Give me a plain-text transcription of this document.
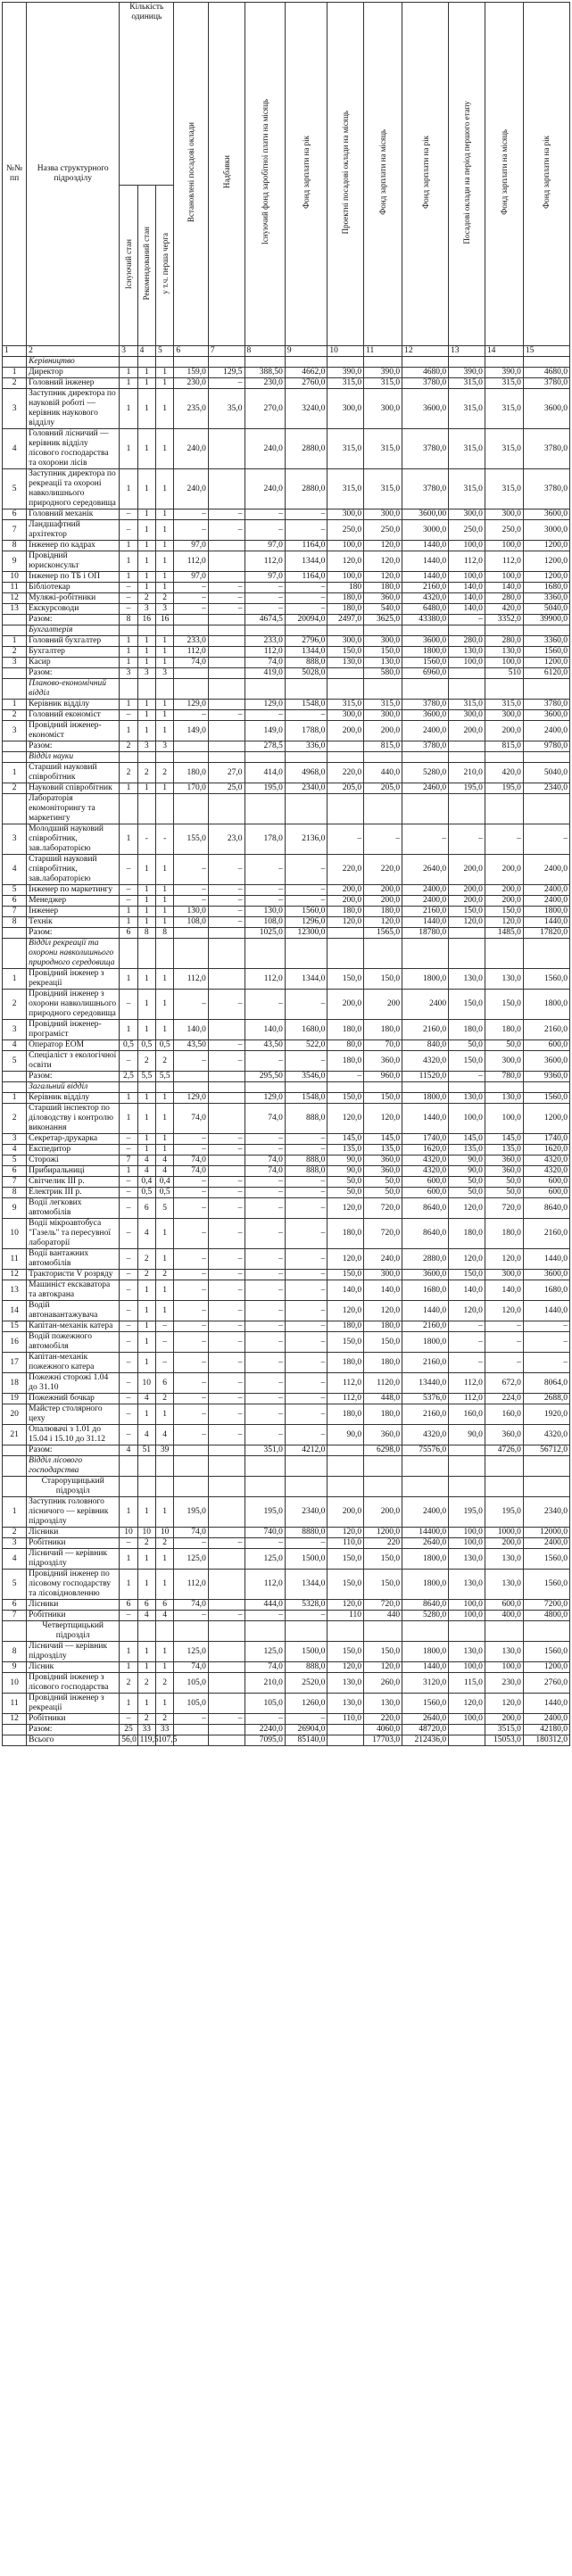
№№ пп	Назва структурного підрозділу	Кількість одиниць			Встановлені посадові оклади	Надбавки	Існуючий фонд заробітної плати на місяць	Фонд зарплати на рік	Проектні посадові оклади на місяць	Фонд зарплати на місяць	Фонд зарплати на рік	Посадові оклади на період першого етапу	Фонд зарплати на місяць	Фонд зарплати на рік
		Існуючий стан	Рекомендований стан	у т.ч. перша черга										
1	2	3	4	5	6	7	8	9	10	11	12	13	14	15
	Керівництво													
1	Директор	1	1	1	159,0	129,5	388,50	4662,0	390,0	390,0	4680,0	390,0	390,0	4680,0
2	Головний інженер	1	1	1	230,0	–	230,0	2760,0	315,0	315,0	3780,0	315,0	315,0	3780,0
3	Заступник директора по науковій роботі — керівник наукового відділу	1	1	1	235,0	35,0	270,0	3240,0	300,0	300,0	3600,0	315,0	315,0	3600,0
4	Головний лісничий — керівник відділу лісового господарства та охорони лісів	1	1	1	240,0		240,0	2880,0	315,0	315,0	3780,0	315,0	315,0	3780,0
5	Заступник директора по рекреації та охороні навколишнього природного середовища	1	1	1	240,0		240,0	2880,0	315,0	315,0	3780,0	315,0	315,0	3780,0
6	Головний механік	–	1	1	–	–	–	–	300,0	300,0	3600,00	300,0	300,0	3600,0
7	Ландшафтний архітектор	–	1	1	–	–	–	–	250,0	250,0	3000,0	250,0	250,0	3000,0
8	Інженер по кадрах	1	1	1	97,0		97,0	1164,0	100,0	120,0	1440,0	100,0	100,0	1200,0
9	Провідний юрисконсульт	1	1	1	112,0		112,0	1344,0	120,0	120,0	1440,0	112,0	112,0	1200,0
10	Інженер по ТБ і ОП	1	1	1	97,0		97,0	1164,0	100,0	120,0	1440,0	100,0	100,0	1200,0
11	Бібліотекар	–	1	1	–	–	–	–	180	180,0	2160,0	140,0	140,0	1680,0
12	Муляжі-робітники	–	2	2	–	–	–	–	180,0	360,0	4320,0	140,0	280,0	3360,0
13	Екскурсоводи	–	3	3	–	–	–	–	180,0	540,0	6480,0	140,0	420,0	5040,0
	Разом:	8	16	16			4674,5	20094,0	2497,0	3625,0	43380,0	–	3352,0	39900,0
	Бухгалтерія													
1	Головний бухгалтер	1	1	1	233,0		233,0	2796,0	300,0	300,0	3600,0	280,0	280,0	3360,0
2	Бухгалтер	1	1	1	112,0		112,0	1344,0	150,0	150,0	1800,0	130,0	130,0	1560,0
3	Касир	1	1	1	74,0		74,0	888,0	130,0	130,0	1560,0	100,0	100,0	1200,0
	Разом:	3	3	3			419,0	5028,0		580,0	6960,0		510	6120,0
	Планово-економічний відділ													
1	Керівник відділу	1	1	1	129,0		129,0	1548,0	315,0	315,0	3780,0	315,0	315,0	3780,0
2	Головний економіст	–	1	1	–	–	–	–	300,0	300,0	3600,0	300,0	300,0	3600,0
3	Провідний інженер-економіст	1	1	1	149,0		149,0	1788,0	200,0	200,0	2400,0	200,0	200,0	2400,0
	Разом:	2	3	3			278,5	336,0		815,0	3780,0		815,0	9780,0
	Відділ науки													
1	Старший науковий співробітник	2	2	2	180,0	27,0	414,0	4968,0	220,0	440,0	5280,0	210,0	420,0	5040,0
2	Науковий співробітник	1	1	1	170,0	25,0	195,0	2340,0	205,0	205,0	2460,0	195,0	195,0	2340,0
	Лабораторія екомоніторингу та маркетингу													
3	Молодший науковий співробітник, зав.лабораторією	1	-	-	155,0	23,0	178,0	2136,0	–	–	–	–	–	–
4	Старший науковий співробітник, зав.лабораторією	–	1	1	–	–	–	–	220,0	220,0	2640,0	200,0	200,0	2400,0
5	Інженер по маркетингу	–	1	1	–	–	–	–	200,0	200,0	2400,0	200,0	200,0	2400,0
6	Менеджер	–	1	1	–	–	–	–	200,0	200,0	2400,0	200,0	200,0	2400,0
7	Інженер	1	1	1	130,0	–	130,0	1560,0	180,0	180,0	2160,0	150,0	150,0	1800,0
8	Технік	1	1	1	108,0	–	108,0	1296,0	120,0	120,0	1440,0	120,0	120,0	1440,0
	Разом:	6	8	8			1025,0	12300,0		1565,0	18780,0		1485,0	17820,0
	Відділ рекреації та охорони навколишнього природного середовища													
1	Провідний інженер з рекреації	1	1	1	112,0		112,0	1344,0	150,0	150,0	1800,0	130,0	130,0	1560,0
2	Провідний інженер з охорони навколишнього природного середовища	–	1	1	–	–	–	–	200,0	200	2400	150,0	150,0	1800,0
3	Провідний інженер-програміст	1	1	1	140,0		140,0	1680,0	180,0	180,0	2160,0	180,0	180,0	2160,0
4	Оператор ЕОМ	0,5	0,5	0,5	43,50	–	43,50	522,0	80,0	70,0	840,0	50,0	50,0	600,0
5	Спеціаліст з екологічної освіти	–	2	2	–	–	–	–	180,0	360,0	4320,0	150,0	300,0	3600,0
	Разом:	2,5	5,5	5,5			295,50	3546,0	–	960,0	11520,0	–	780,0	9360,0
	Загальний відділ													
1	Керівник відділу	1	1	1	129,0		129,0	1548,0	150,0	150,0	1800,0	130,0	130,0	1560,0
2	Старший інспектор по діловодству і контролю виконання	1	1	1	74,0		74,0	888,0	120,0	120,0	1440,0	100,0	100,0	1200,0
3	Секретар-друкарка	–	1	1	–	–	–	–	145,0	145,0	1740,0	145,0	145,0	1740,0
4	Експедитор	–	1	1	–	–	–	–	135,0	135,0	1620,0	135,0	135,0	1620,0
5	Сторожі	7	4	4	74,0		74,0	888,0	90,0	360,0	4320,0	90,0	360,0	4320,0
6	Прибиральниці	1	4	4	74,0		74,0	888,0	90,0	360,0	4320,0	90,0	360,0	4320,0
7	Світчелик III р.	–	0,4	0,4	–	–	–	–	50,0	50,0	600,0	50,0	50,0	600,0
8	Електрик III р.	–	0,5	0,5	–	–	–	–	50,0	50,0	600,0	50,0	50,0	600,0
9	Водії легкових автомобілів	–	6	5	–	–	–	–	120,0	720,0	8640,0	120,0	720,0	8640,0
10	Водії мікроавтобуса "Газель" та пересувної лабораторії	–	4	1	–	–	–	–	180,0	720,0	8640,0	180,0	180,0	2160,0
11	Водії вантажних автомобілів	–	2	1	–	–	–	–	120,0	240,0	2880,0	120,0	120,0	1440,0
12	Трактористи V розряду	–	2	2	–	–	–	–	150,0	300,0	3600,0	150,0	300,0	3600,0
13	Машиніст екскаватора та автокрана	–	1	1	–	–	–	–	140,0	140,0	1680,0	140,0	140,0	1680,0
14	Водій автонавантажувача	–	1	1	–	–	–	–	120,0	120,0	1440,0	120,0	120,0	1440,0
15	Капітан-механік катера	–	1	–	–	–	–	–	180,0	180,0	2160,0	–	–	–
16	Водій пожежного автомобіля	–	1	–	–	–	–	–	150,0	150,0	1800,0	–	–	–
17	Капітан-механік пожежного катера	–	1	–	–	–	–	–	180,0	180,0	2160,0	–	–	–
18	Пожежні сторожі 1.04 до 31.10	–	10	6	–	–	–	–	112,0	1120,0	13440,0	112,0	672,0	8064,0
19	Пожежний бочкар	–	4	2	–	–	–	–	112,0	448,0	5376,0	112,0	224,0	2688,0
20	Майстер столярного цеху	–	1	1	–	–	–	–	180,0	180,0	2160,0	160,0	160,0	1920,0
21	Опалювачі з 1.01 до 15.04 і 15.10 до 31.12	–	4	4	–	–	–	–	90,0	360,0	4320,0	90,0	360,0	4320,0
	Разом:	4	51	39			351,0	4212,0		6298,0	75576,0		4726,0	56712,0
	Відділ лісового господарства													
	Старорущицький підрозділ													
1	Заступник головного лісничого — керівник підрозділу	1	1	1	195,0		195,0	2340,0	200,0	200,0	2400,0	195,0	195,0	2340,0
2	Лісники	10	10	10	74,0		740,0	8880,0	120,0	1200,0	14400,0	100,0	1000,0	12000,0
3	Робітники	–	2	2	–	–	–	–	110,0	220	2640,0	100,0	200,0	2400,0
4	Лісничий — керівник підрозділу	1	1	1	125,0		125,0	1500,0	150,0	150,0	1800,0	130,0	130,0	1560,0
5	Провідний інженер по лісовому господарству та лісовідновленню	1	1	1	112,0		112,0	1344,0	150,0	150,0	1800,0	130,0	130,0	1560,0
6	Лісники	6	6	6	74,0		444,0	5328,0	120,0	720,0	8640,0	100,0	600,0	7200,0
7	Робітники	–	4	4	–	–	–	–	110	440	5280,0	100,0	400,0	4800,0
	Четвертщицький підрозділ													
8	Лісничий — керівник підрозділу	1	1	1	125,0		125,0	1500,0	150,0	150,0	1800,0	130,0	130,0	1560,0
9	Лісник	1	1	1	74,0		74,0	888,0	120,0	120,0	1440,0	100,0	100,0	1200,0
10	Провідний інженер з лісового господарства	2	2	2	105,0		210,0	2520,0	130,0	260,0	3120,0	115,0	230,0	2760,0
11	Провідний інженер з рекреації	1	1	1	105,0		105,0	1260,0	130,0	130,0	1560,0	120,0	120,0	1440,0
12	Робітники	–	2	2	–	–	–	–	110,0	220,0	2640,0	100,0	200,0	2400,0
	Разом:	25	33	33			2240,0	26904,0		4060,0	48720,0		3515,0	42180,0
	Всього	56,0	119,5	107,5			7095,0	85140,0		17703,0	212436,0		15053,0	180312,0
